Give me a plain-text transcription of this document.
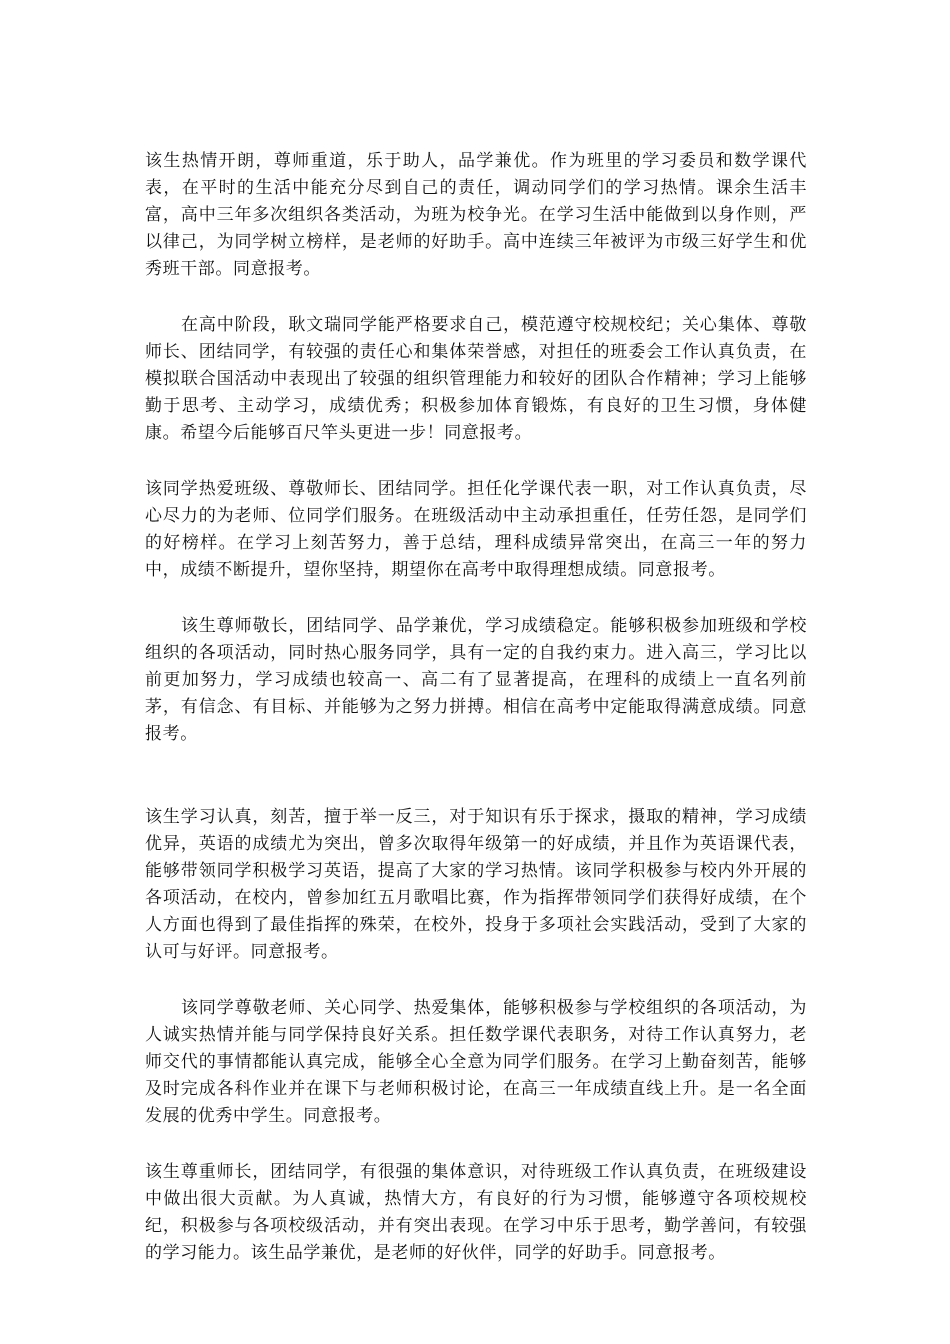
该生热情开朗，尊师重道，乐于助人，品学兼优。作为班里的学习委员和数学课代表，在平时的生活中能充分尽到自己的责任，调动同学们的学习热情。课余生活丰富，高中三年多次组织各类活动，为班为校争光。在学习生活中能做到以身作则，严以律己，为同学树立榜样，是老师的好助手。高中连续三年被评为市级三好学生和优秀班干部。同意报考。

在高中阶段，耿文瑞同学能严格要求自己，模范遵守校规校纪；关心集体、尊敬师长、团结同学，有较强的责任心和集体荣誉感，对担任的班委会工作认真负责，在模拟联合国活动中表现出了较强的组织管理能力和较好的团队合作精神；学习上能够勤于思考、主动学习，成绩优秀；积极参加体育锻炼，有良好的卫生习惯，身体健康。希望今后能够百尺竿头更进一步！同意报考。

该同学热爱班级、尊敬师长、团结同学。担任化学课代表一职，对工作认真负责，尽心尽力的为老师、位同学们服务。在班级活动中主动承担重任，任劳任怨，是同学们的好榜样。在学习上刻苦努力，善于总结，理科成绩异常突出，在高三一年的努力中，成绩不断提升，望你坚持，期望你在高考中取得理想成绩。同意报考。

该生尊师敬长，团结同学、品学兼优，学习成绩稳定。能够积极参加班级和学校组织的各项活动，同时热心服务同学，具有一定的自我约束力。进入高三，学习比以前更加努力，学习成绩也较高一、高二有了显著提高，在理科的成绩上一直名列前茅，有信念、有目标、并能够为之努力拼搏。相信在高考中定能取得满意成绩。同意报考。

该生学习认真，刻苦，擅于举一反三，对于知识有乐于探求，摄取的精神，学习成绩优异，英语的成绩尤为突出，曾多次取得年级第一的好成绩，并且作为英语课代表，能够带领同学积极学习英语，提高了大家的学习热情。该同学积极参与校内外开展的各项活动，在校内，曾参加红五月歌唱比赛，作为指挥带领同学们获得好成绩，在个人方面也得到了最佳指挥的殊荣，在校外，投身于多项社会实践活动，受到了大家的认可与好评。同意报考。

该同学尊敬老师、关心同学、热爱集体，能够积极参与学校组织的各项活动，为人诚实热情并能与同学保持良好关系。担任数学课代表职务，对待工作认真努力，老师交代的事情都能认真完成，能够全心全意为同学们服务。在学习上勤奋刻苦，能够及时完成各科作业并在课下与老师积极讨论，在高三一年成绩直线上升。是一名全面发展的优秀中学生。同意报考。

该生尊重师长，团结同学，有很强的集体意识，对待班级工作认真负责，在班级建设中做出很大贡献。为人真诚，热情大方，有良好的行为习惯，能够遵守各项校规校纪，积极参与各项校级活动，并有突出表现。在学习中乐于思考，勤学善问，有较强的学习能力。该生品学兼优，是老师的好伙伴，同学的好助手。同意报考。
